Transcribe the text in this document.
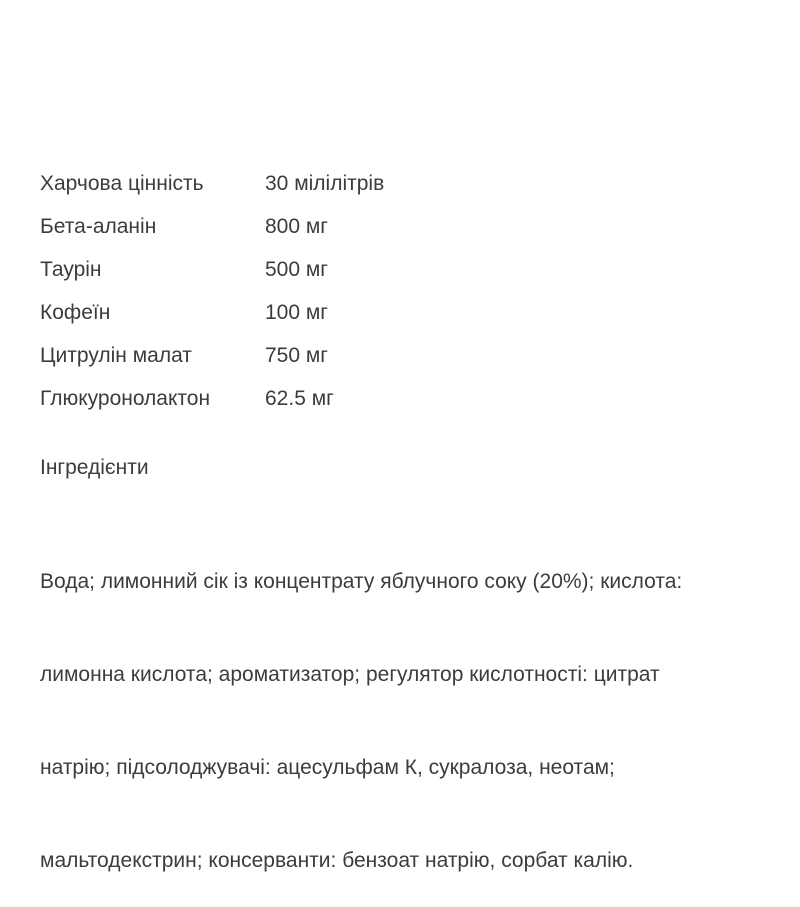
Харчова цінність	30 мілілітрів
Бета-аланін	800 мг
Таурін	500 мг
Кофеїн	100 мг
Цитрулін малат	750 мг
Глюкуронолактон	62.5 мг
Інгредієнти

Вода; лимонний сік із концентрату яблучного соку (20%); кислота:

лимонна кислота; ароматизатор; регулятор кислотності: цитрат

натрію; підсолоджувачі: ацесульфам К, сукралоза, неотам;

мальтодекстрин; консерванти: бензоат натрію, сорбат калію.
